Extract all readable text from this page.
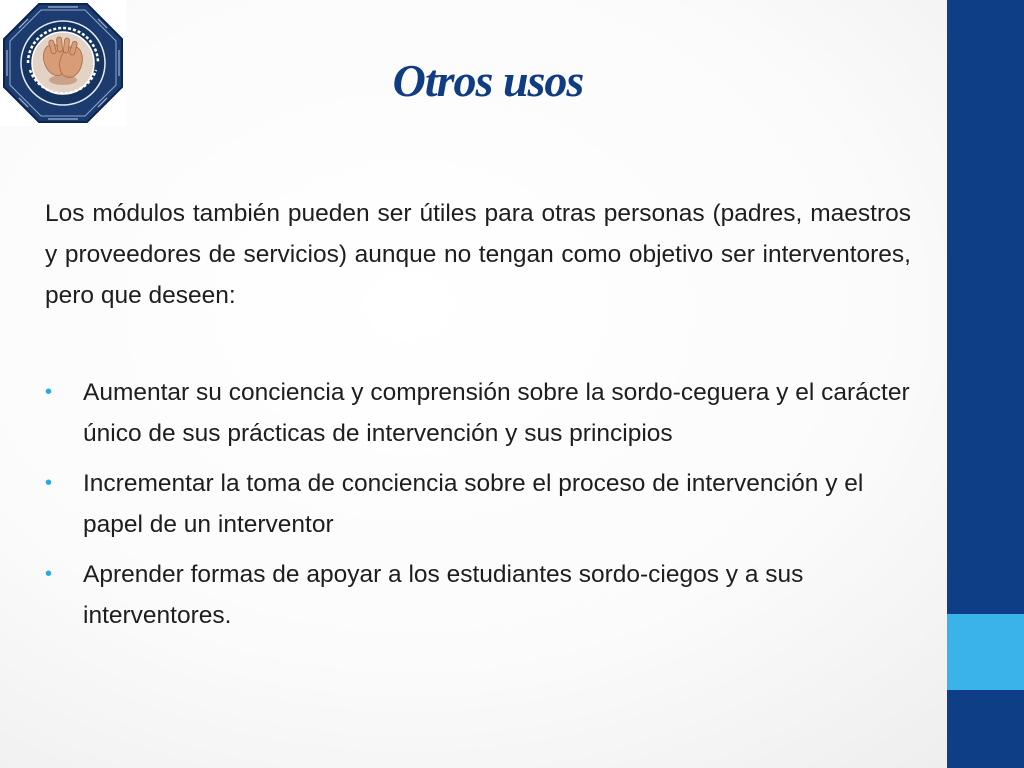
Otros usos

Los módulos también pueden ser útiles para otras personas (padres, maestros y proveedores de servicios) aunque no tengan como objetivo ser interventores, pero que deseen:

• Aumentar su conciencia y comprensión sobre la sordo-ceguera y el carácter único de sus prácticas de intervención y sus principios
• Incrementar la toma de conciencia sobre el proceso de intervención y el papel de un interventor
• Aprender formas de apoyar a los estudiantes sordo-ciegos y a sus interventores.
